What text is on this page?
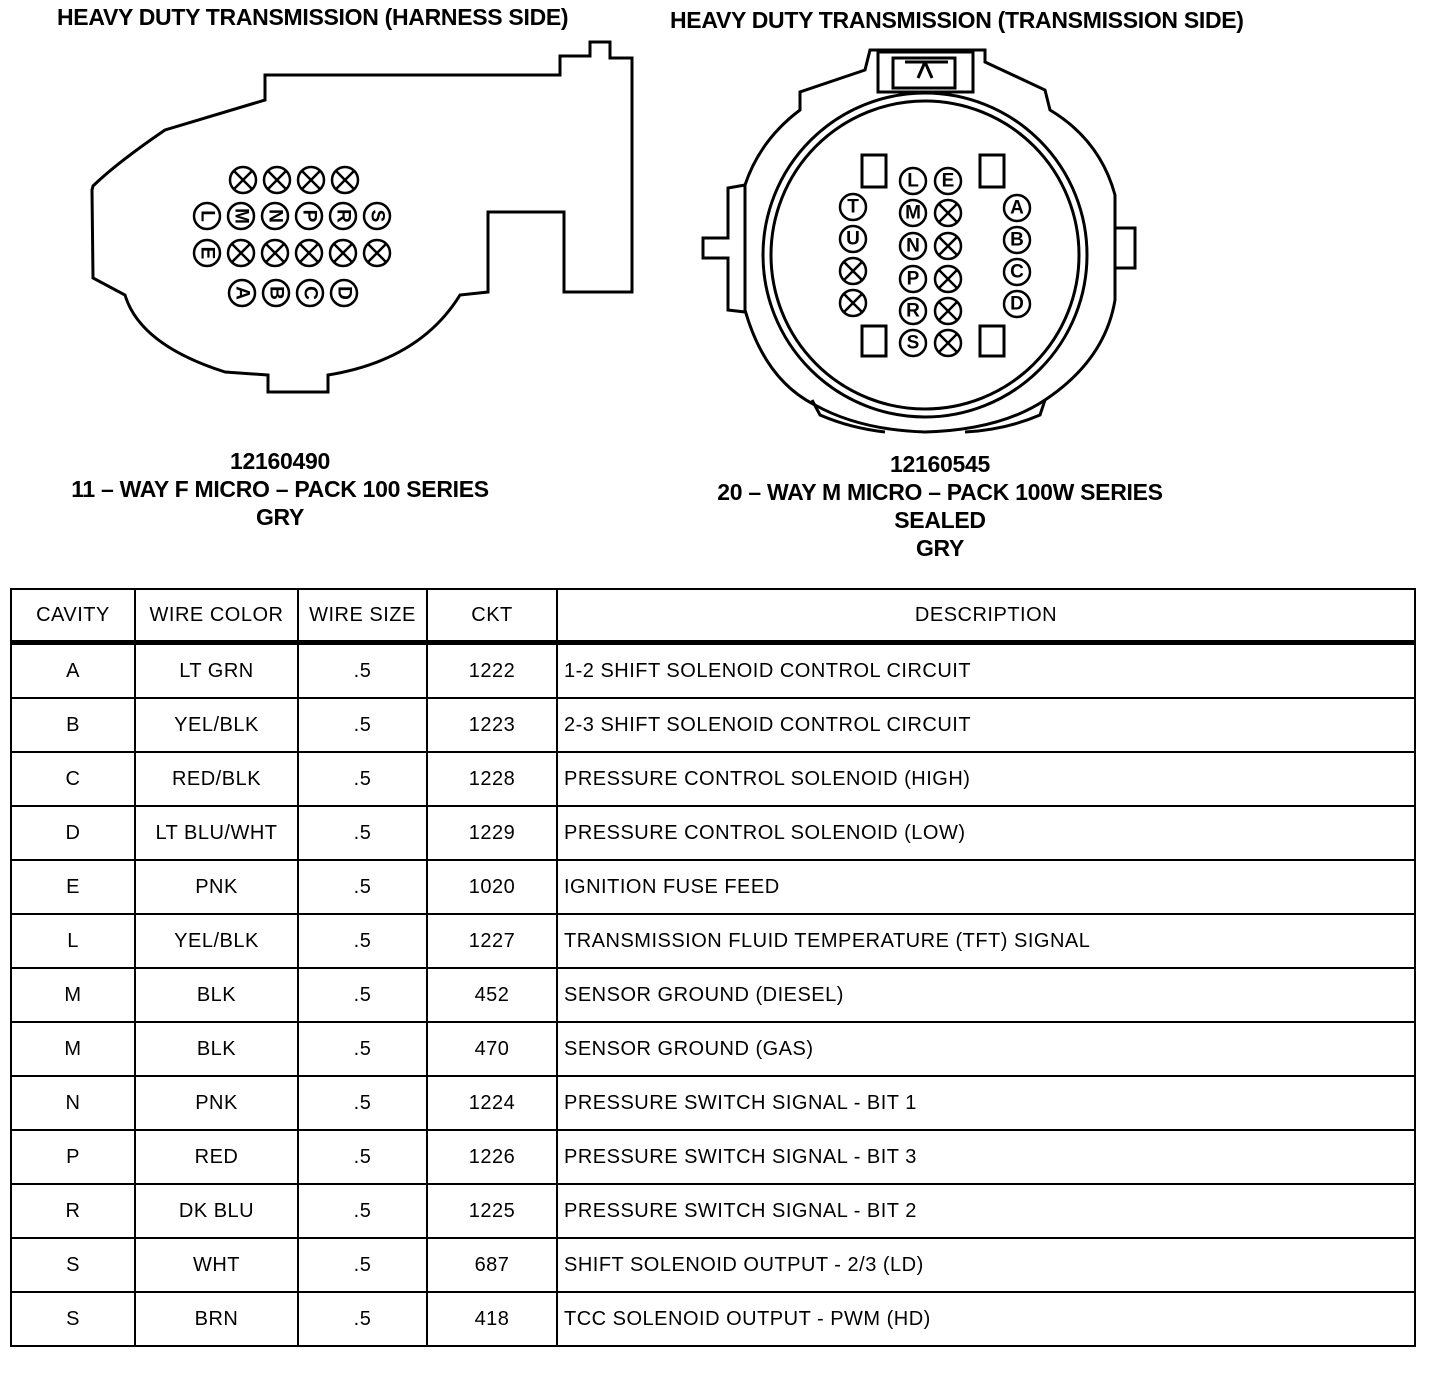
HEAVY DUTY TRANSMISSION (HARNESS SIDE)	HEAVY DUTY TRANSMISSION (TRANSMISSION SIDE)
L M N P R S
E
A B C D
L E
M
N
P
R
S
T
U
A
B
C
D
12160490
11 – WAY F MICRO – PACK 100 SERIES
GRY
12160545
20 – WAY M MICRO – PACK 100W SERIES
SEALED
GRY
CAVITY	WIRE COLOR	WIRE SIZE	CKT	DESCRIPTION
A	LT GRN	.5	1222	1-2 SHIFT SOLENOID CONTROL CIRCUIT
B	YEL/BLK	.5	1223	2-3 SHIFT SOLENOID CONTROL CIRCUIT
C	RED/BLK	.5	1228	PRESSURE CONTROL SOLENOID (HIGH)
D	LT BLU/WHT	.5	1229	PRESSURE CONTROL SOLENOID (LOW)
E	PNK	.5	1020	IGNITION FUSE FEED
L	YEL/BLK	.5	1227	TRANSMISSION FLUID TEMPERATURE (TFT) SIGNAL
M	BLK	.5	452	SENSOR GROUND (DIESEL)
M	BLK	.5	470	SENSOR GROUND (GAS)
N	PNK	.5	1224	PRESSURE SWITCH SIGNAL - BIT 1
P	RED	.5	1226	PRESSURE SWITCH SIGNAL - BIT 3
R	DK BLU	.5	1225	PRESSURE SWITCH SIGNAL - BIT 2
S	WHT	.5	687	SHIFT SOLENOID OUTPUT - 2/3 (LD)
S	BRN	.5	418	TCC SOLENOID OUTPUT - PWM (HD)
